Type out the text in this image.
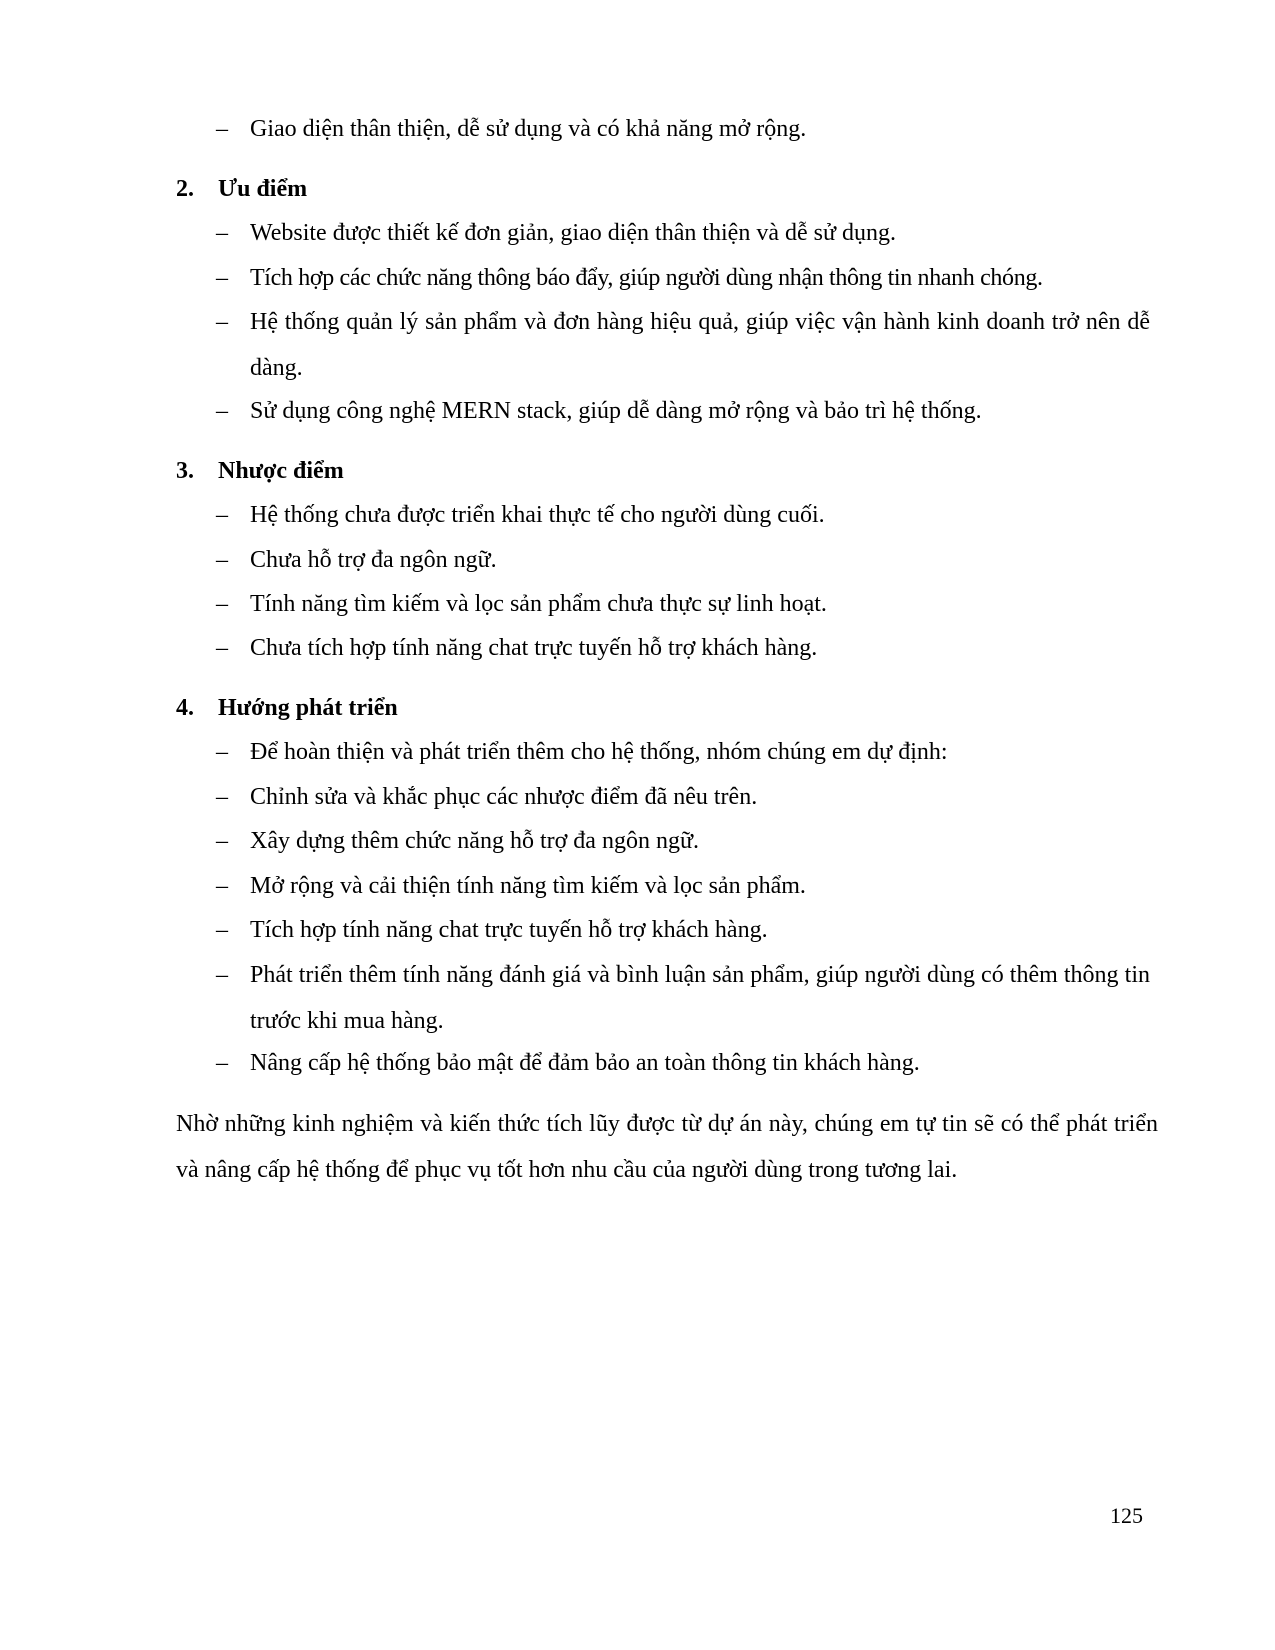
– Giao diện thân thiện, dễ sử dụng và có khả năng mở rộng.
2. Ưu điểm
– Website được thiết kế đơn giản, giao diện thân thiện và dễ sử dụng.
– Tích hợp các chức năng thông báo đẩy, giúp người dùng nhận thông tin nhanh chóng.
– Hệ thống quản lý sản phẩm và đơn hàng hiệu quả, giúp việc vận hành kinh doanh trở nên dễ dàng.
– Sử dụng công nghệ MERN stack, giúp dễ dàng mở rộng và bảo trì hệ thống.
3. Nhược điểm
– Hệ thống chưa được triển khai thực tế cho người dùng cuối.
– Chưa hỗ trợ đa ngôn ngữ.
– Tính năng tìm kiếm và lọc sản phẩm chưa thực sự linh hoạt.
– Chưa tích hợp tính năng chat trực tuyến hỗ trợ khách hàng.
4. Hướng phát triển
– Để hoàn thiện và phát triển thêm cho hệ thống, nhóm chúng em dự định:
– Chỉnh sửa và khắc phục các nhược điểm đã nêu trên.
– Xây dựng thêm chức năng hỗ trợ đa ngôn ngữ.
– Mở rộng và cải thiện tính năng tìm kiếm và lọc sản phẩm.
– Tích hợp tính năng chat trực tuyến hỗ trợ khách hàng.
– Phát triển thêm tính năng đánh giá và bình luận sản phẩm, giúp người dùng có thêm thông tin trước khi mua hàng.
– Nâng cấp hệ thống bảo mật để đảm bảo an toàn thông tin khách hàng.
Nhờ những kinh nghiệm và kiến thức tích lũy được từ dự án này, chúng em tự tin sẽ có thể phát triển và nâng cấp hệ thống để phục vụ tốt hơn nhu cầu của người dùng trong tương lai.
125
